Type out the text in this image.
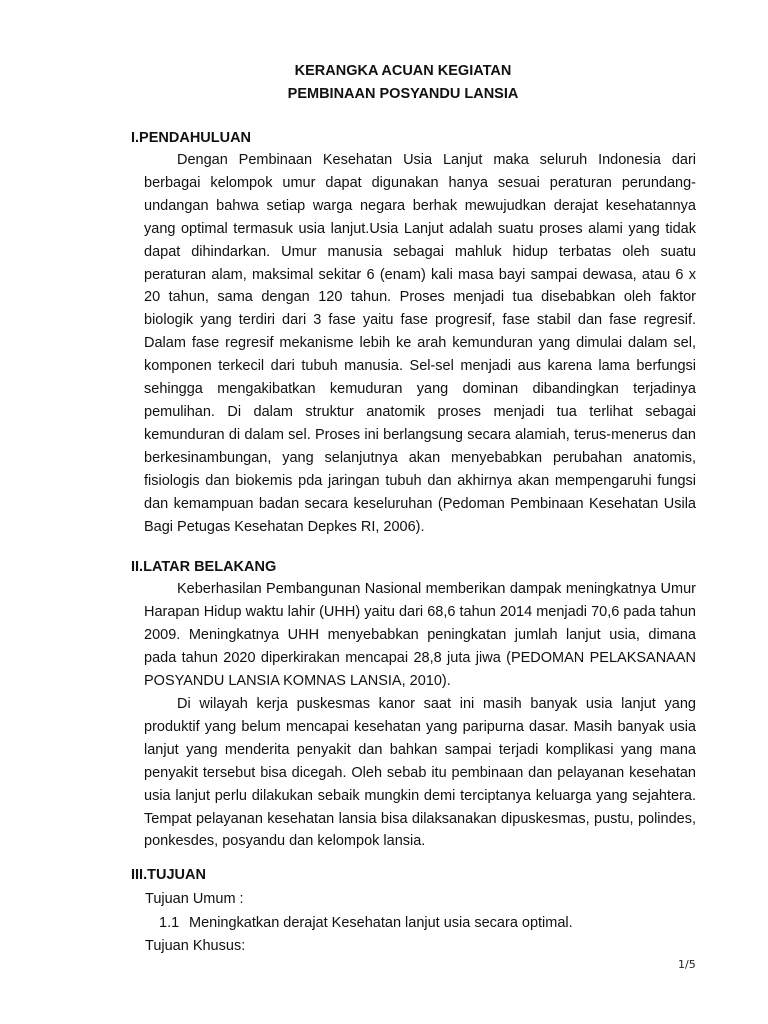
KERANGKA ACUAN KEGIATAN
PEMBINAAN POSYANDU LANSIA
I.PENDAHULUAN

Dengan Pembinaan Kesehatan Usia Lanjut maka seluruh Indonesia dari berbagai kelompok umur dapat digunakan hanya sesuai peraturan perundang-undangan bahwa setiap warga negara berhak mewujudkan derajat kesehatannya yang optimal termasuk usia lanjut.Usia Lanjut adalah suatu proses alami yang tidak dapat dihindarkan. Umur manusia sebagai mahluk hidup terbatas oleh suatu peraturan alam, maksimal sekitar 6 (enam) kali masa bayi sampai dewasa, atau 6 x 20 tahun, sama dengan 120 tahun. Proses menjadi tua disebabkan oleh faktor biologik yang terdiri dari 3 fase yaitu fase progresif, fase stabil dan fase regresif. Dalam fase regresif mekanisme lebih ke arah kemunduran yang dimulai dalam sel, komponen terkecil dari tubuh manusia. Sel-sel menjadi aus karena lama berfungsi sehingga mengakibatkan kemuduran yang dominan dibandingkan terjadinya pemulihan. Di dalam struktur anatomik proses menjadi tua terlihat sebagai kemunduran di dalam sel. Proses ini berlangsung secara alamiah, terus-menerus dan berkesinambungan, yang selanjutnya akan menyebabkan perubahan anatomis, fisiologis dan biokemis pda jaringan tubuh dan akhirnya akan mempengaruhi fungsi dan kemampuan badan secara keseluruhan (Pedoman Pembinaan Kesehatan Usila Bagi Petugas Kesehatan Depkes RI, 2006).

II.LATAR BELAKANG

Keberhasilan Pembangunan Nasional memberikan dampak meningkatnya Umur Harapan Hidup waktu lahir (UHH) yaitu dari 68,6 tahun 2014 menjadi 70,6 pada tahun 2009. Meningkatnya UHH menyebabkan peningkatan jumlah lanjut usia, dimana pada tahun 2020 diperkirakan mencapai 28,8 juta jiwa (PEDOMAN PELAKSANAAN POSYANDU LANSIA KOMNAS LANSIA, 2010).

Di wilayah kerja puskesmas kanor saat ini masih banyak usia lanjut yang produktif yang belum mencapai kesehatan yang paripurna dasar. Masih banyak usia lanjut yang menderita penyakit dan bahkan sampai terjadi komplikasi yang mana penyakit tersebut bisa dicegah. Oleh sebab itu pembinaan dan pelayanan kesehatan usia lanjut perlu dilakukan sebaik mungkin demi terciptanya keluarga yang sejahtera. Tempat pelayanan kesehatan lansia bisa dilaksanakan dipuskesmas, pustu, polindes, ponkesdes, posyandu dan kelompok lansia.

III.TUJUAN
Tujuan Umum :
1.1 Meningkatkan derajat Kesehatan lanjut usia secara optimal.
Tujuan Khusus:
1/5
